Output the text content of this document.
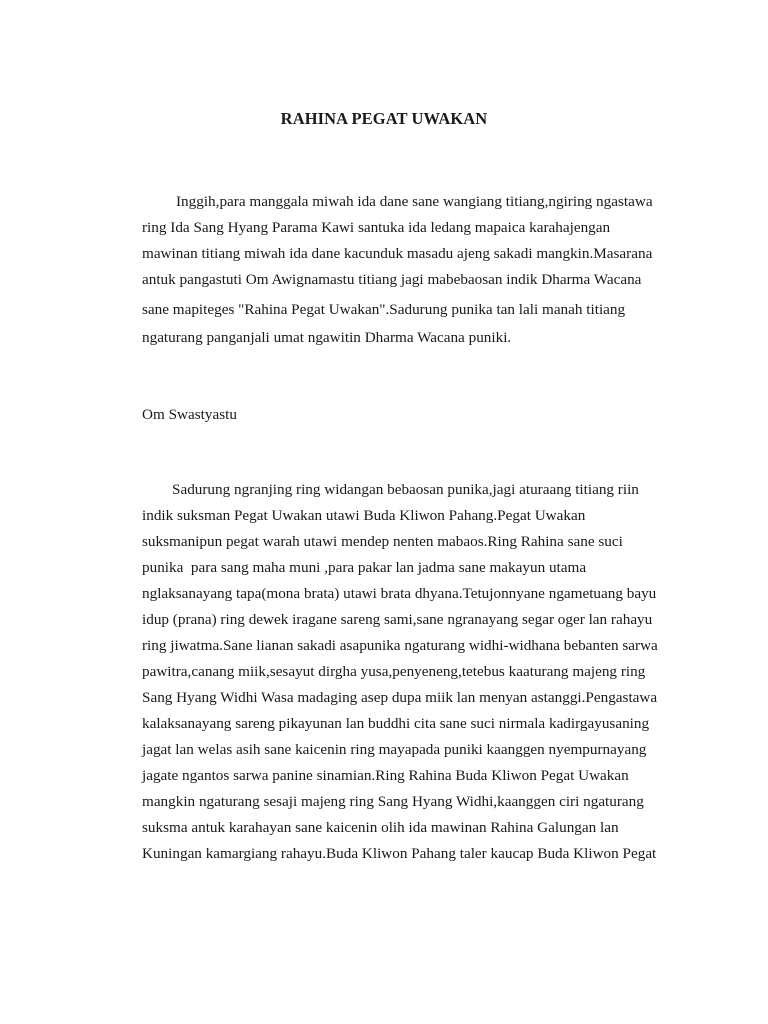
RAHINA PEGAT UWAKAN
Inggih,para manggala miwah ida dane sane wangiang titiang,ngiring ngastawa
ring Ida Sang Hyang Parama Kawi santuka ida ledang mapaica karahajengan
mawinan titiang miwah ida dane kacunduk masadu ajeng sakadi mangkin.Masarana
antuk pangastuti Om Awignamastu titiang jagi mabebaosan indik Dharma Wacana
sane mapiteges "Rahina Pegat Uwakan".Sadurung punika tan lali manah titiang
ngaturang panganjali umat ngawitin Dharma Wacana puniki.
Om Swastyastu
Sadurung ngranjing ring widangan bebaosan punika,jagi aturaang titiang riin
indik suksman Pegat Uwakan utawi Buda Kliwon Pahang.Pegat Uwakan
suksmanipun pegat warah utawi mendep nenten mabaos.Ring Rahina sane suci
punika  para sang maha muni ,para pakar lan jadma sane makayun utama
nglaksanayang tapa(mona brata) utawi brata dhyana.Tetujonnyane ngametuang bayu
idup (prana) ring dewek iragane sareng sami,sane ngranayang segar oger lan rahayu
ring jiwatma.Sane lianan sakadi asapunika ngaturang widhi-widhana bebanten sarwa
pawitra,canang miik,sesayut dirgha yusa,penyeneng,tetebus kaaturang majeng ring
Sang Hyang Widhi Wasa madaging asep dupa miik lan menyan astanggi.Pengastawa
kalaksanayang sareng pikayunan lan buddhi cita sane suci nirmala kadirgayusaning
jagat lan welas asih sane kaicenin ring mayapada puniki kaanggen nyempurnayang
jagate ngantos sarwa panine sinamian.Ring Rahina Buda Kliwon Pegat Uwakan
mangkin ngaturang sesaji majeng ring Sang Hyang Widhi,kaanggen ciri ngaturang
suksma antuk karahayan sane kaicenin olih ida mawinan Rahina Galungan lan
Kuningan kamargiang rahayu.Buda Kliwon Pahang taler kaucap Buda Kliwon Pegat
